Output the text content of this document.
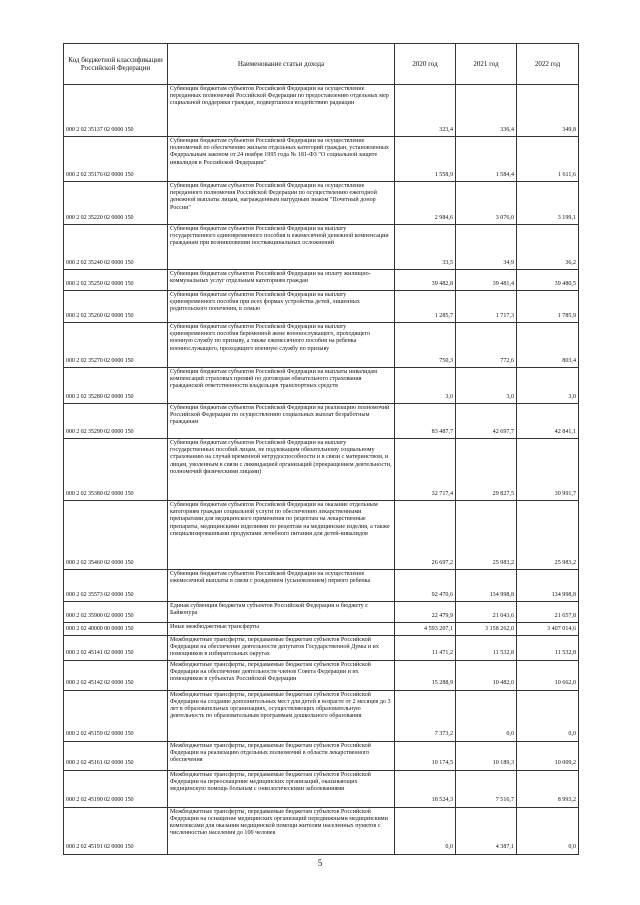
Код бюджетной классификации Российской Федерации	Наименование статьи дохода	2020 год	2021 год	2022 год
000 2 02 35137 02 0000 150	Субвенции бюджетам субъектов Российской Федерации на осуществление переданных полномочий Российской Федерации по предоставлению отдельных мер социальной поддержки граждан, подвергшихся воздействию радиации	323,4	336,4	349,8
000 2 02 35176 02 0000 150	Субвенции бюджетам субъектов Российской Федерации на осуществление полномочий по обеспечению жильем отдельных категорий граждан, установленных Федеральным законом от 24 ноября 1995 года № 181-ФЗ "О социальной защите инвалидов в Российской Федерации"	1 558,9	1 584,4	1 611,6
000 2 02 35220 02 0000 150	Субвенции бюджетам субъектов Российской Федерации на осуществление переданного полномочия Российской Федерации по осуществлению ежегодной денежной выплаты лицам, награжденным нагрудным знаком "Почетный донор России"	2 984,6	3 076,0	3 199,1
000 2 02 35240 02 0000 150	Субвенции бюджетам субъектов Российской Федерации на выплату государственного единовременного пособия и ежемесячной денежной компенсации гражданам при возникновении поствакцинальных осложнений	33,5	34,9	36,2
000 2 02 35250 02 0000 150	Субвенции бюджетам субъектов Российской Федерации на оплату жилищно-коммунальных услуг отдельным категориям граждан	39 482,8	39 481,4	39 480,5
000 2 02 35260 02 0000 150	Субвенции бюджетам субъектов Российской Федерации на выплату единовременного пособия при всех формах устройства детей, лишенных родительского попечения, в семью	1 285,7	1 717,3	1 785,9
000 2 02 35270 02 0000 150	Субвенции бюджетам субъектов Российской Федерации на выплату единовременного пособия беременной жене военнослужащего, проходящего военную службу по призыву, а также ежемесячного пособия на ребенка военнослужащего, проходящего военную службу по призыву	750,3	772,6	803,4
000 2 02 35280 02 0000 150	Субвенции бюджетам субъектов Российской Федерации на выплаты инвалидам компенсаций страховых премий по договорам обязательного страхования гражданской ответственности владельцев транспортных средств	3,0	3,0	3,0
000 2 02 35290 02 0000 150	Субвенции бюджетам субъектов Российской Федерации на реализацию полномочий Российской Федерации по осуществлению социальных выплат безработным гражданам	83 487,7	42 697,7	42 841,1
000 2 02 35380 02 0000 150	Субвенции бюджетам субъектов Российской Федерации на выплату государственных пособий лицам, не подлежащим обязательному социальному страхованию на случай временной нетрудоспособности и в связи с материнством, и лицам, уволенным в связи с ликвидацией организаций (прекращением деятельности, полномочий физическими лицами)	32 717,4	29 827,5	30 991,7
000 2 02 35460 02 0000 150	Субвенции бюджетам субъектов Российской Федерации на оказание отдельным категориям граждан социальной услуги по обеспечению лекарственными препаратами для медицинского применения по рецептам на лекарственные препараты, медицинскими изделиями по рецептам на медицинские изделия, а также специализированными продуктами лечебного питания для детей-инвалидов	26 697,2	25 983,2	25 983,2
000 2 02 35573 02 0000 150	Субвенции бюджетам субъектов Российской Федерации на осуществление ежемесячной выплаты в связи с рождением (усыновлением) первого ребенка	92 470,6	134 998,8	134 998,8
000 2 02 35900 02 0000 150	Единая субвенция бюджетам субъектов Российской Федерации и бюджету г. Байконура	22 479,9	21 043,6	21 657,8
000 2 02 40000 00 0000 150	Иные межбюджетные трансферты	4 593 207,1	3 158 262,0	3 407 014,6
000 2 02 45141 02 0000 150	Межбюджетные трансферты, передаваемые бюджетам субъектов Российской Федерации на обеспечение деятельности депутатов Государственной Думы и их помощников в избирательных округах	11 471,2	11 532,8	11 532,8
000 2 02 45142 02 0000 150	Межбюджетные трансферты, передаваемые бюджетам субъектов Российской Федерации на обеспечение деятельности членов Совета Федерации и их помощников в субъектах Российской Федерации	15 288,9	10 482,0	10 662,0
000 2 02 45159 02 0000 150	Межбюджетные трансферты, передаваемые бюджетам субъектов Российской Федерации на создание дополнительных мест для детей в возрасте от 2 месяцев до 3 лет в образовательных организациях, осуществляющих образовательную деятельность по образовательным программам дошкольного образования	7 373,2	0,0	0,0
000 2 02 45161 02 0000 150	Межбюджетные трансферты, передаваемые бюджетам субъектов Российской Федерации на реализацию отдельных полномочий в области лекарственного обеспечения	10 174,5	10 189,3	10 009,2
000 2 02 45190 02 0000 150	Межбюджетные трансферты, передаваемые бюджетам субъектов Российской Федерации на переоснащение медицинских организаций, оказывающих медицинскую помощь больным с онкологическими заболеваниями	18 524,3	7 516,7	8 993,2
000 2 02 45191 02 0000 150	Межбюджетные трансферты, передаваемые бюджетам субъектов Российской Федерации на оснащение медицинских организаций передвижными медицинскими комплексами для оказания медицинской помощи жителям населенных пунктов с численностью населения до 100 человек	0,0	4 387,1	0,0
5
